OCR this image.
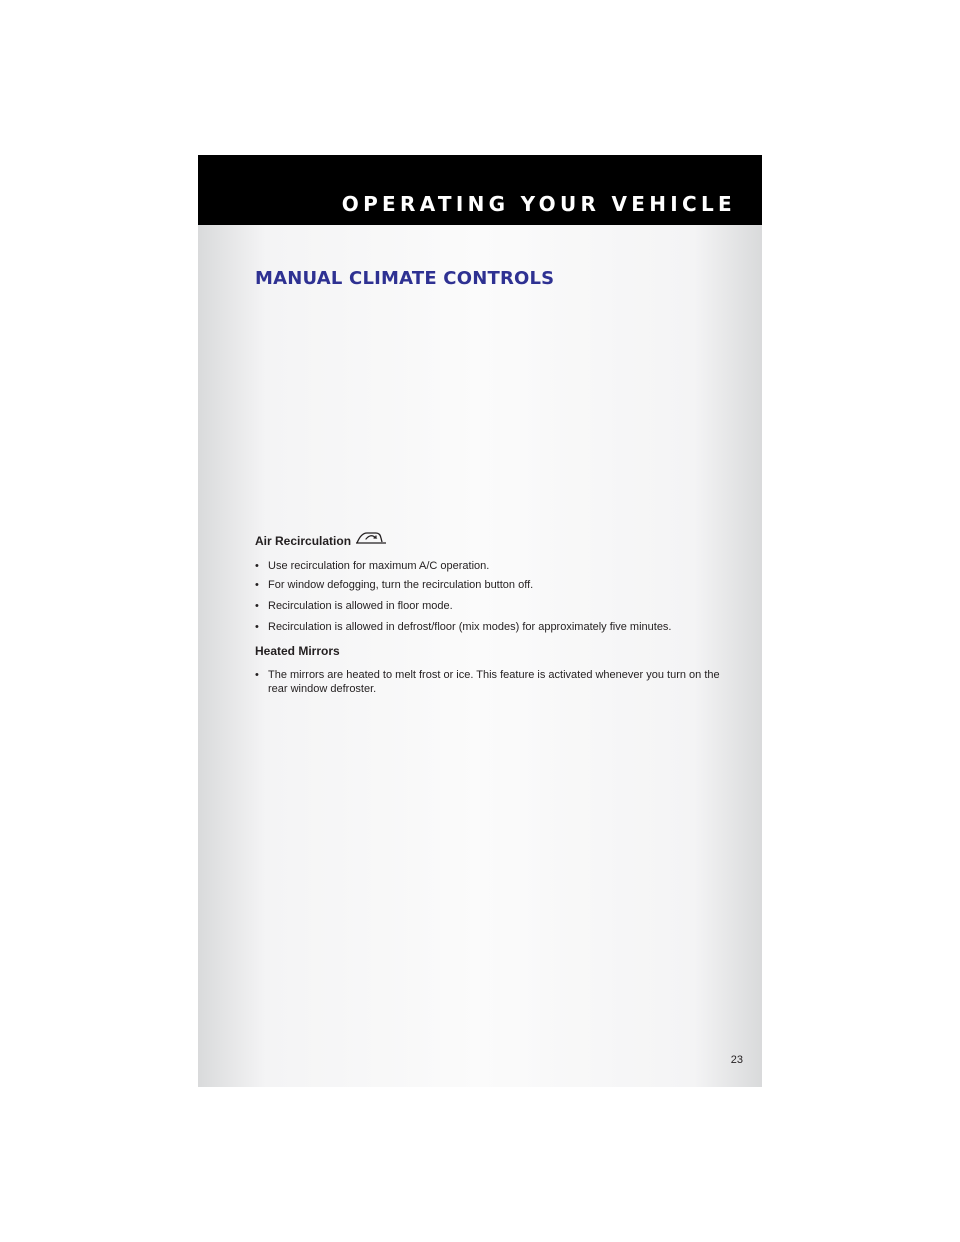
OPERATING YOUR VEHICLE
MANUAL CLIMATE CONTROLS
Air Recirculation
• Use recirculation for maximum A/C operation.
• For window defogging, turn the recirculation button off.
• Recirculation is allowed in floor mode.
• Recirculation is allowed in defrost/floor (mix modes) for approximately five minutes.
Heated Mirrors
• The mirrors are heated to melt frost or ice. This feature is activated whenever you turn on the rear window defroster.
23
